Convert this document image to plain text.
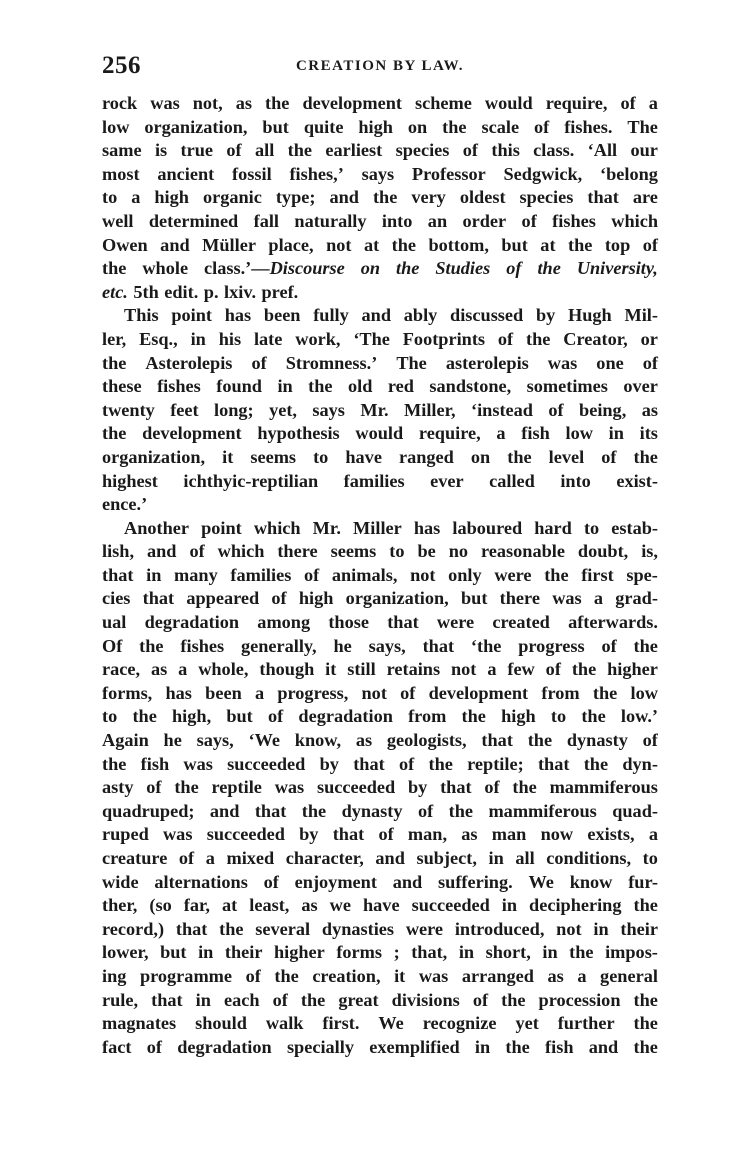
256	CREATION BY LAW.
rock was not, as the development scheme would require, of a
low organization, but quite high on the scale of fishes. The
same is true of all the earliest species of this class. ‘All our
most ancient fossil fishes,’ says Professor Sedgwick, ‘belong
to a high organic type; and the very oldest species that are
well determined fall naturally into an order of fishes which
Owen and Müller place, not at the bottom, but at the top of
the whole class.’—Discourse on the Studies of the University,
etc. 5th edit. p. lxiv. pref.
This point has been fully and ably discussed by Hugh Mil-
ler, Esq., in his late work, ‘The Footprints of the Creator, or
the Asterolepis of Stromness.’ The asterolepis was one of
these fishes found in the old red sandstone, sometimes over
twenty feet long; yet, says Mr. Miller, ‘instead of being, as
the development hypothesis would require, a fish low in its
organization, it seems to have ranged on the level of the
highest ichthyic-reptilian families ever called into exist-
ence.’
Another point which Mr. Miller has laboured hard to estab-
lish, and of which there seems to be no reasonable doubt, is,
that in many families of animals, not only were the first spe-
cies that appeared of high organization, but there was a grad-
ual degradation among those that were created afterwards.
Of the fishes generally, he says, that ‘the progress of the
race, as a whole, though it still retains not a few of the higher
forms, has been a progress, not of development from the low
to the high, but of degradation from the high to the low.’
Again he says, ‘We know, as geologists, that the dynasty of
the fish was succeeded by that of the reptile; that the dyn-
asty of the reptile was succeeded by that of the mammiferous
quadruped; and that the dynasty of the mammiferous quad-
ruped was succeeded by that of man, as man now exists, a
creature of a mixed character, and subject, in all conditions, to
wide alternations of enjoyment and suffering. We know fur-
ther, (so far, at least, as we have succeeded in deciphering the
record,) that the several dynasties were introduced, not in their
lower, but in their higher forms ; that, in short, in the impos-
ing programme of the creation, it was arranged as a general
rule, that in each of the great divisions of the procession the
magnates should walk first. We recognize yet further the
fact of degradation specially exemplified in the fish and the
